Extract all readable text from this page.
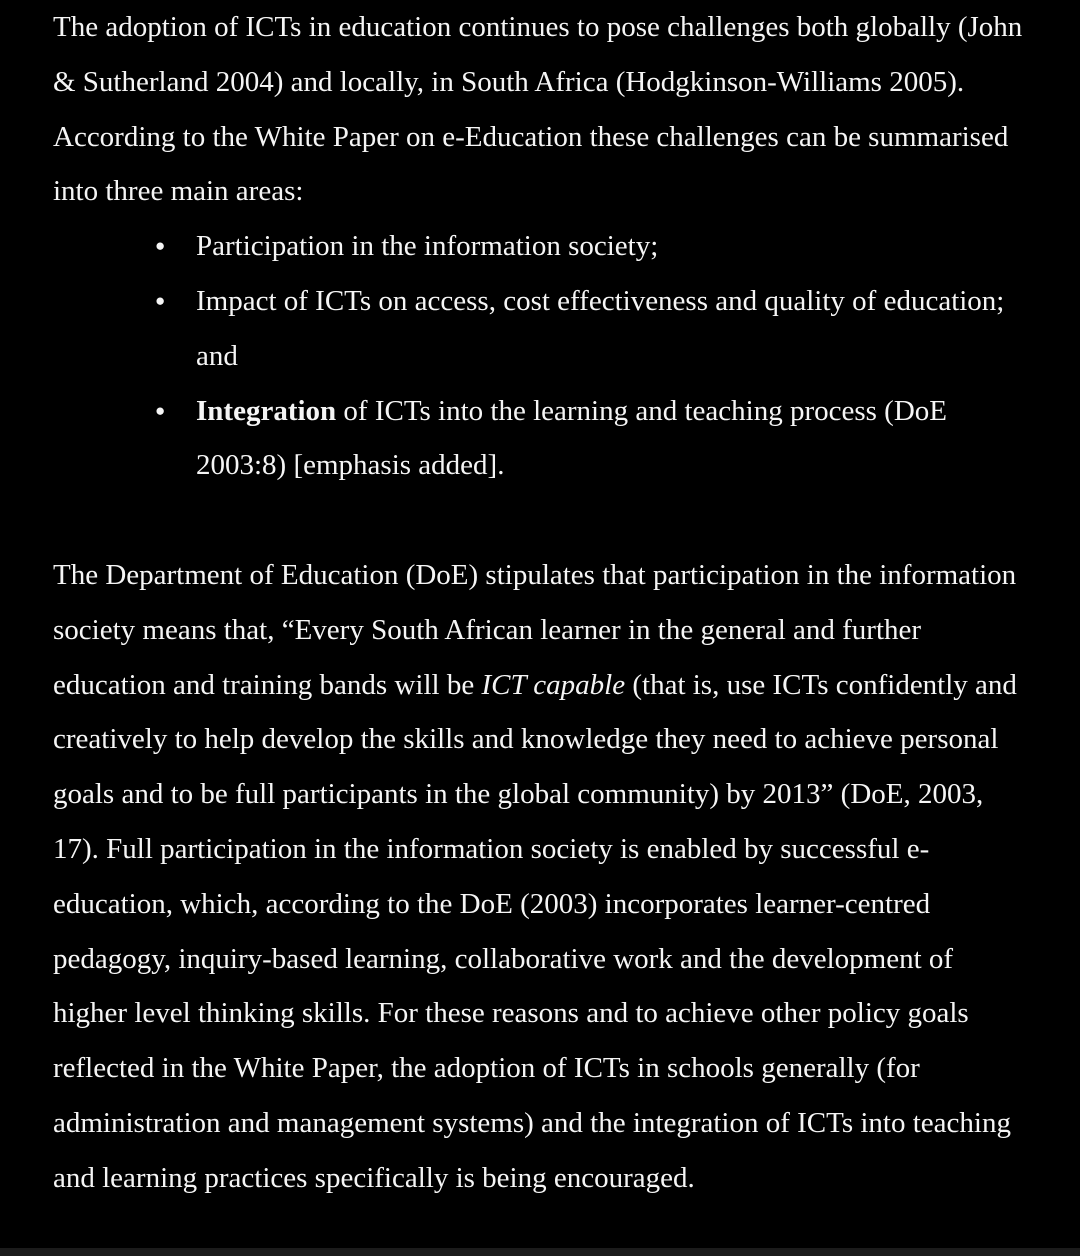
The adoption of ICTs in education continues to pose challenges both globally (John & Sutherland 2004) and locally, in South Africa (Hodgkinson-Williams 2005). According to the White Paper on e-Education these challenges can be summarised into three main areas:

●	Participation in the information society;
●	Impact of ICTs on access, cost effectiveness and quality of education; and
●	Integration of ICTs into the learning and teaching process (DoE 2003:8) [emphasis added].

The Department of Education (DoE) stipulates that participation in the information society means that, “Every South African learner in the general and further education and training bands will be ICT capable (that is, use ICTs confidently and creatively to help develop the skills and knowledge they need to achieve personal goals and to be full participants in the global community) by 2013” (DoE, 2003, 17). Full participation in the information society is enabled by successful e-education, which, according to the DoE (2003) incorporates learner-centred pedagogy, inquiry-based learning, collaborative work and the development of higher level thinking skills. For these reasons and to achieve other policy goals reflected in the White Paper, the adoption of ICTs in schools generally (for administration and management systems) and the integration of ICTs into teaching and learning practices specifically is being encouraged.
